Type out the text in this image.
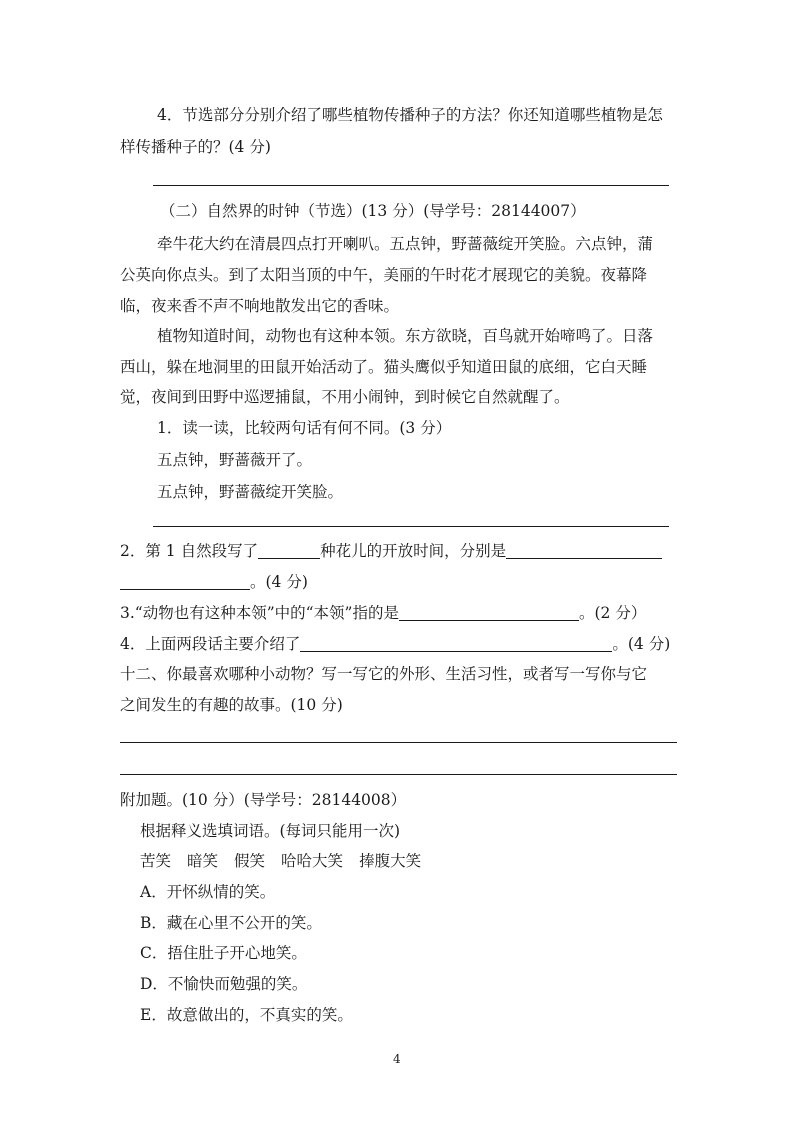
4．节选部分分别介绍了哪些植物传播种子的方法？你还知道哪些植物是怎
样传播种子的？(4 分)
（二）自然界的时钟（节选）(13 分）(导学号：28144007）
牵牛花大约在清晨四点打开喇叭。五点钟，野蔷薇绽开笑脸。六点钟，蒲
公英向你点头。到了太阳当顶的中午，美丽的午时花才展现它的美貌。夜幕降
临，夜来香不声不响地散发出它的香味。
植物知道时间，动物也有这种本领。东方欲晓，百鸟就开始啼鸣了。日落
西山，躲在地洞里的田鼠开始活动了。猫头鹰似乎知道田鼠的底细，它白天睡
觉，夜间到田野中巡逻捕鼠，不用小闹钟，到时候它自然就醒了。
1．读一读，比较两句话有何不同。(3 分）
五点钟，野蔷薇开了。
五点钟，野蔷薇绽开笑脸。
2．第 1 自然段写了	种花儿的开放时间，分别是
。(4 分)
3.“动物也有这种本领”中的“本领”指的是	。(2 分）
4．上面两段话主要介绍了	。(4 分)
十二、你最喜欢哪种小动物？写一写它的外形、生活习性，或者写一写你与它
之间发生的有趣的故事。(10 分)
附加题。(10 分）(导学号：28144008）
根据释义选填词语。(每词只能用一次)
苦笑 暗笑 假笑 哈哈大笑 捧腹大笑
A．开怀纵情的笑。
B．藏在心里不公开的笑。
C．捂住肚子开心地笑。
D．不愉快而勉强的笑。
E．故意做出的，不真实的笑。
4
